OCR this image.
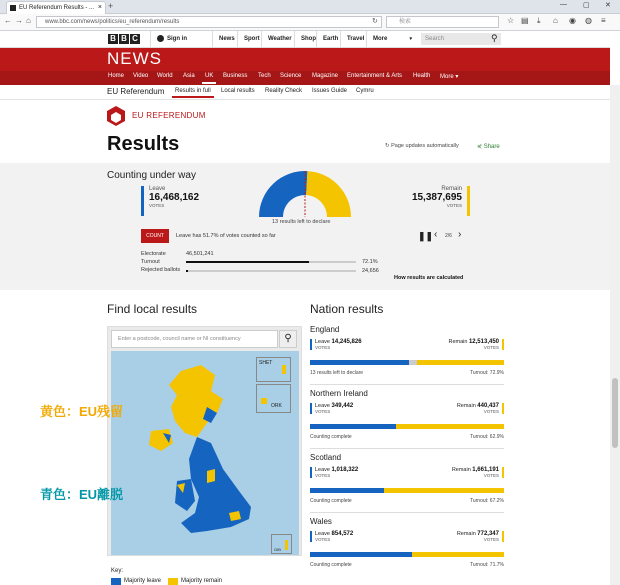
EU Referendum Results - ... × +	— ▢ ✕
← → ⌂	www.bbc.com/news/politics/eu_referendum/results	↻	検索	☆ ▤ ⤓ ⌂ ◉ ◍ ≡
B B C	Sign in	News	Sport	Weather	Shop	Earth	Travel	More	▾	Search	⚲
NEWS
Home Video World Asia UK Business Tech Science Magazine Entertainment & Arts Health More ▾
EU Referendum Results in full Local results Reality Check Issues Guide Cymru
EU REFERENDUM
Results	↻ Page updates automatically	⋞ Share
Counting under way
Leave
16,468,162
VOTES
Remain
15,387,695
VOTES
13 results left to declare
COUNT	Leave has 51.7% of votes counted so far	❚❚ ‹ 2/6 ›
Electorate	46,501,241
Turnout	72.1%
Rejected ballots	24,656
How results are calculated
Find local results
Enter a postcode, council name or NI constituency	⚲
SHET
ORK
GIB
Key:
Majority leave	Majority remain
黄色：EU残留
青色：EU離脱
Nation results
England
Leave 14,245,826
VOTES
Remain 12,513,450
VOTES
13 results left to declare	Turnout: 72.9%
Northern Ireland
Leave 349,442
VOTES
Remain 440,437
VOTES
Counting complete	Turnout: 62.9%
Scotland
Leave 1,018,322
VOTES
Remain 1,661,191
VOTES
Counting complete	Turnout: 67.2%
Wales
Leave 854,572
VOTES
Remain 772,347
VOTES
Counting complete	Turnout: 71.7%
